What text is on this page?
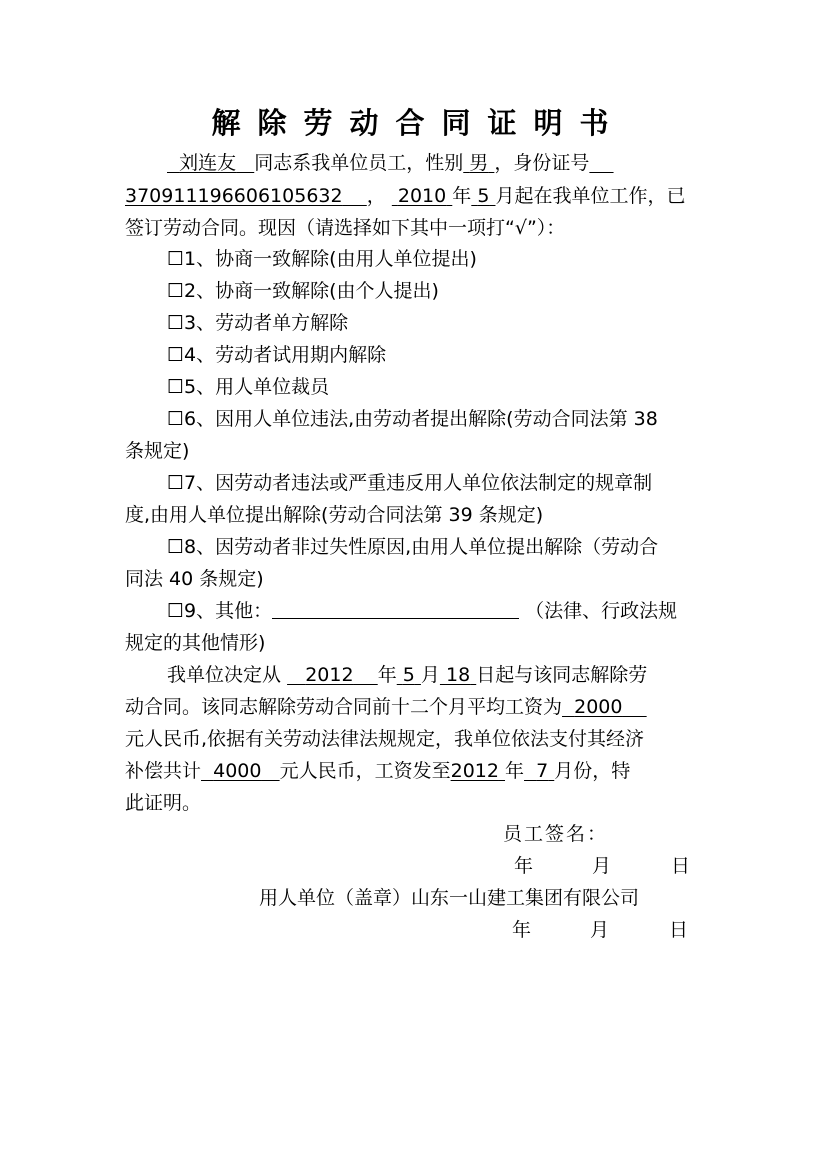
解除劳动合同证明书
刘连友 同志系我单位员工，性别 男 ，身份证号
370911196606105632 ， 2010 年 5 月起在我单位工作，已
签订劳动合同。现因（请选择如下其中一项打“√”）：
☐1、协商一致解除(由用人单位提出)
☐2、协商一致解除(由个人提出)
☐3、劳动者单方解除
☐4、劳动者试用期内解除
☐5、用人单位裁员
☐6、因用人单位违法,由劳动者提出解除(劳动合同法第 38
条规定)
☐7、因劳动者违法或严重违反用人单位依法制定的规章制
度,由用人单位提出解除(劳动合同法第 39 条规定)
☐8、因劳动者非过失性原因,由用人单位提出解除（劳动合
同法 40 条规定)
☐9、其他：	（法律、行政法规
规定的其他情形)
我单位决定从 2012 年 5 月 18 日起与该同志解除劳
动合同。该同志解除劳动合同前十二个月平均工资为 2000
元人民币,依据有关劳动法律法规规定，我单位依法支付其经济
补偿共计 4000 元人民币，工资发至2012 年 7 月份，特
此证明。
员工签名：
年	月	日
用人单位（盖章）山东一山建工集团有限公司
年	月	日
